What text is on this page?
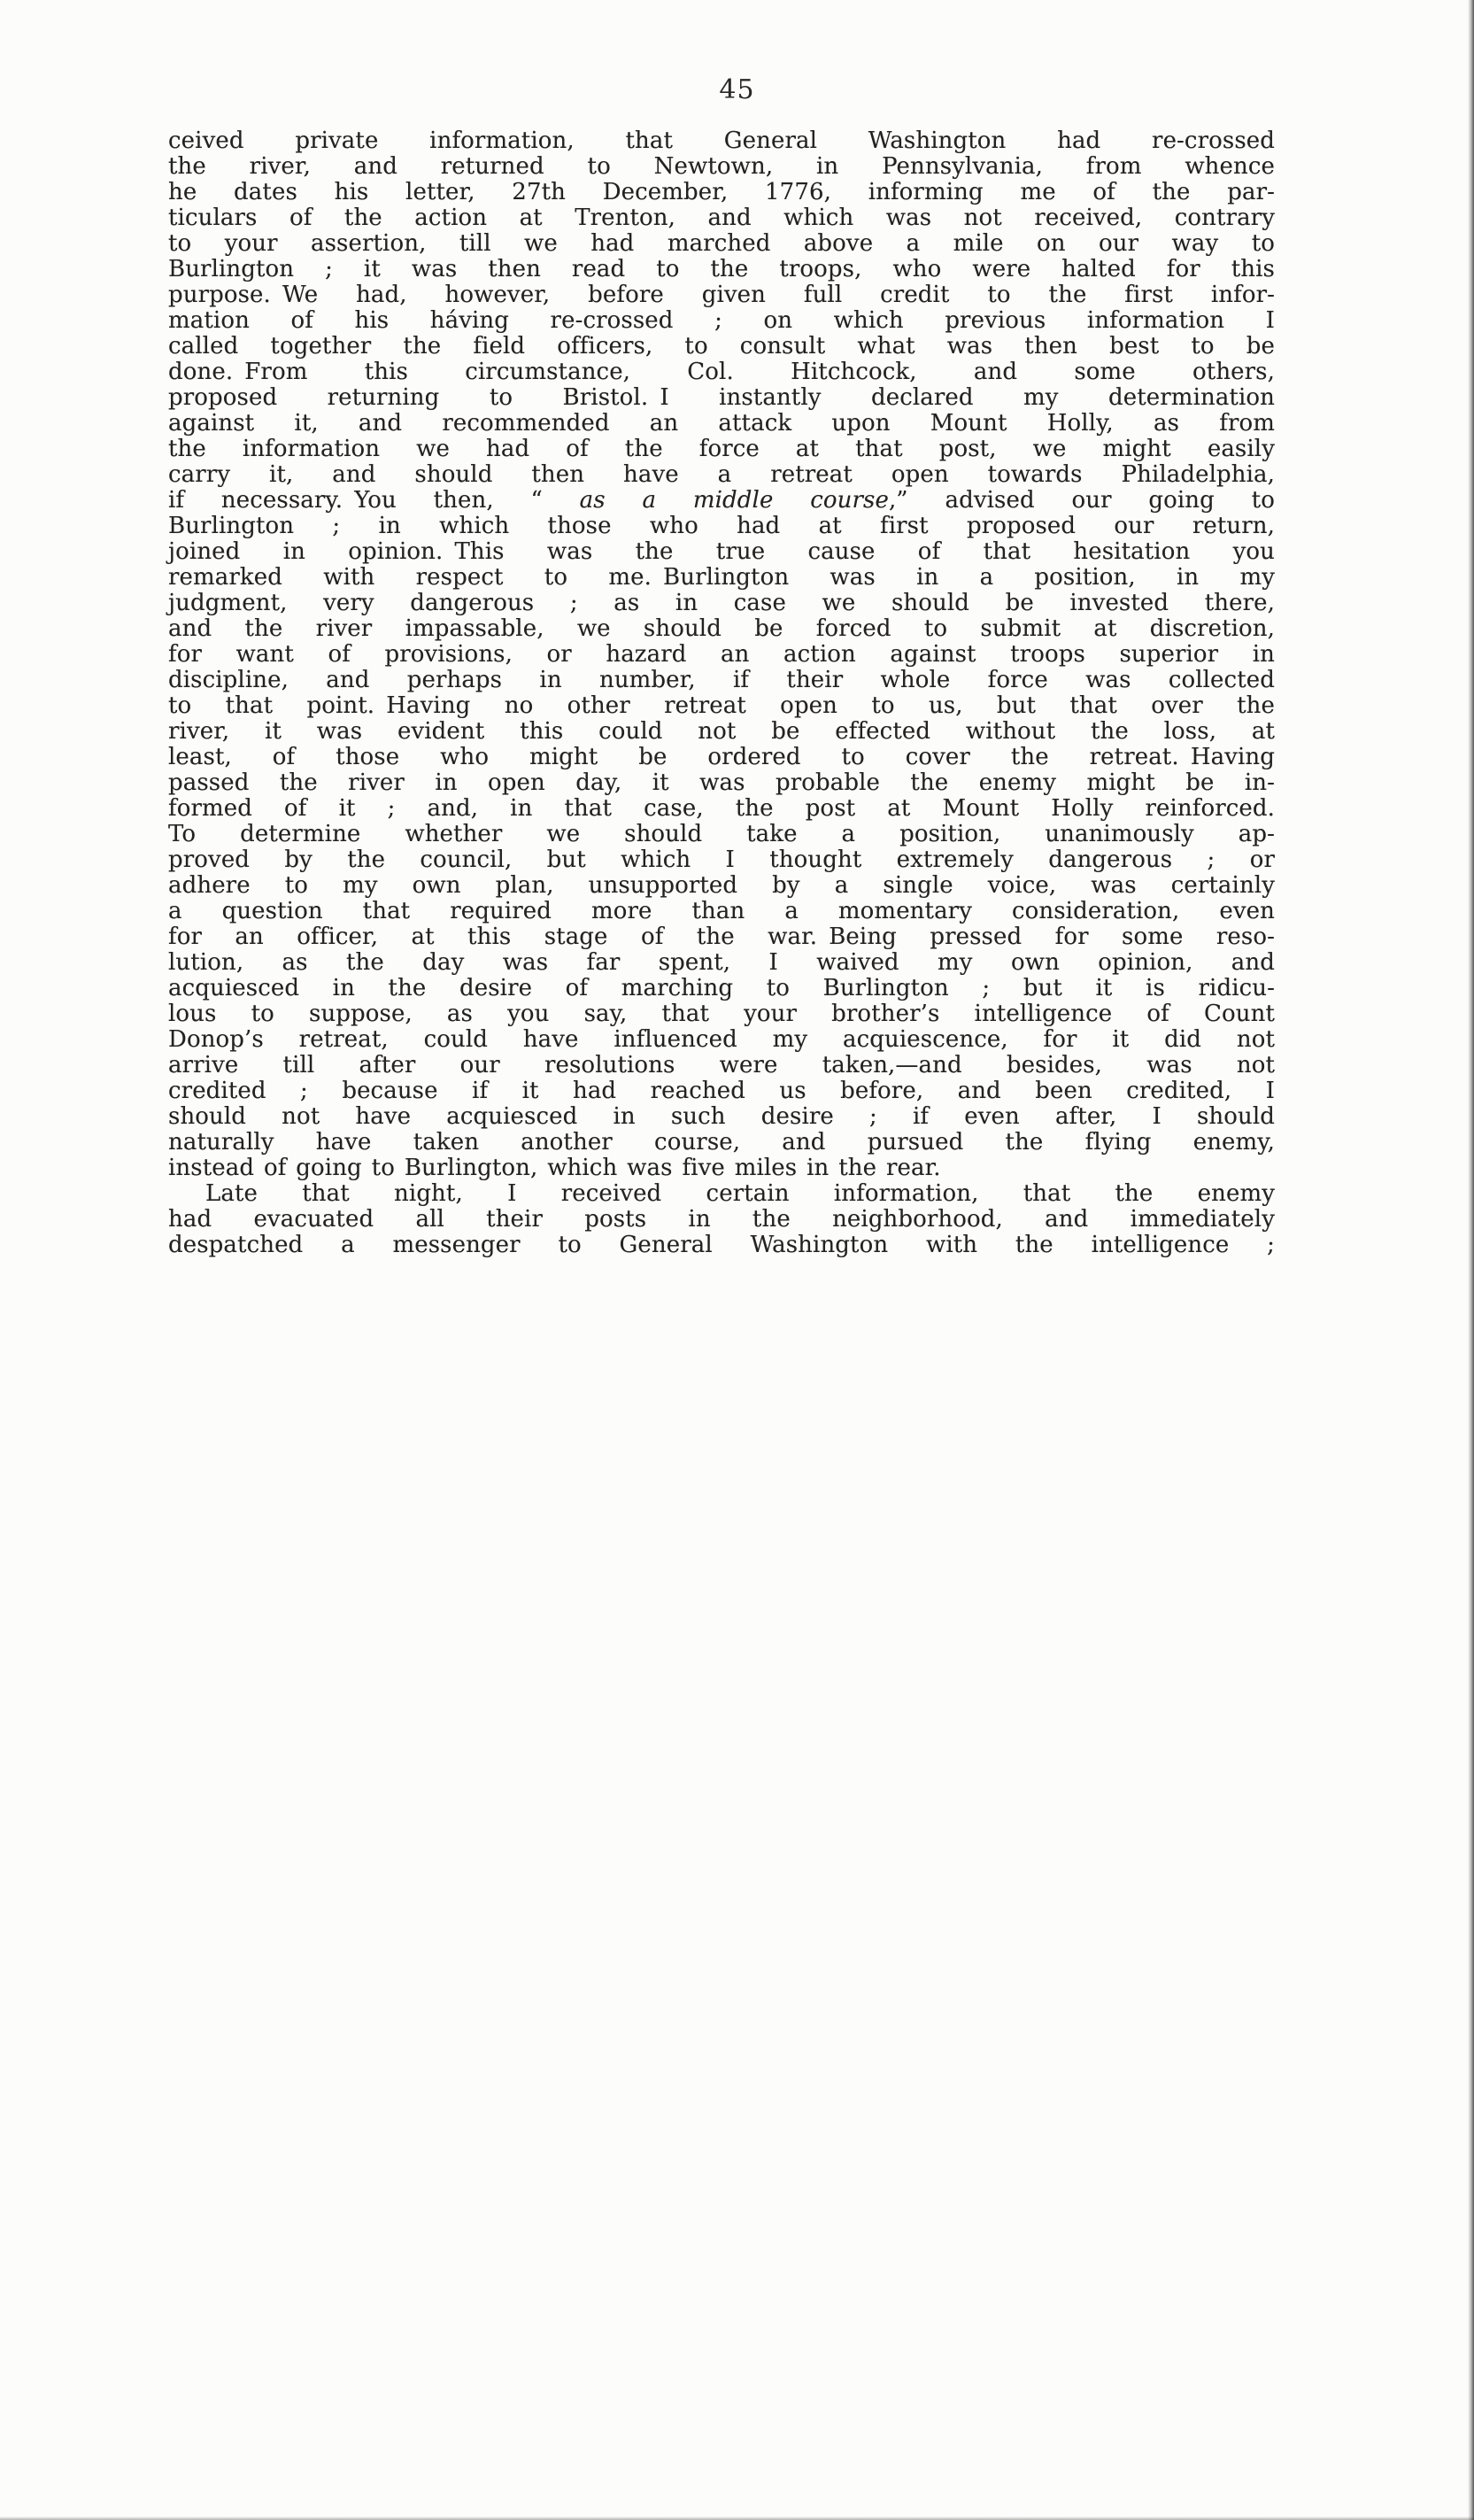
45
ceived private information, that General Washington had re-crossed
the river, and returned to Newtown, in Pennsylvania, from whence
he dates his letter, 27th December, 1776, informing me of the par-
ticulars of the action at Trenton, and which was not received, contrary
to your assertion, till we had marched above a mile on our way to
Burlington ; it was then read to the troops, who were halted for this
purpose. We had, however, before given full credit to the first infor-
mation of his háving re-crossed ; on which previous information I
called together the field officers, to consult what was then best to be
done. From this circumstance, Col. Hitchcock, and some others,
proposed returning to Bristol. I instantly declared my determination
against it, and recommended an attack upon Mount Holly, as from
the information we had of the force at that post, we might easily
carry it, and should then have a retreat open towards Philadelphia,
if necessary. You then, “ as a middle course,” advised our going to
Burlington ; in which those who had at first proposed our return,
joined in opinion. This was the true cause of that hesitation you
remarked with respect to me. Burlington was in a position, in my
judgment, very dangerous ; as in case we should be invested there,
and the river impassable, we should be forced to submit at discretion,
for want of provisions, or hazard an action against troops superior in
discipline, and perhaps in number, if their whole force was collected
to that point. Having no other retreat open to us, but that over the
river, it was evident this could not be effected without the loss, at
least, of those who might be ordered to cover the retreat. Having
passed the river in open day, it was probable the enemy might be in-
formed of it ; and, in that case, the post at Mount Holly reinforced.
To determine whether we should take a position, unanimously ap-
proved by the council, but which I thought extremely dangerous ; or
adhere to my own plan, unsupported by a single voice, was certainly
a question that required more than a momentary consideration, even
for an officer, at this stage of the war. Being pressed for some reso-
lution, as the day was far spent, I waived my own opinion, and
acquiesced in the desire of marching to Burlington ; but it is ridicu-
lous to suppose, as you say, that your brother’s intelligence of Count
Donop’s retreat, could have influenced my acquiescence, for it did not
arrive till after our resolutions were taken,—and besides, was not
credited ; because if it had reached us before, and been credited, I
should not have acquiesced in such desire ; if even after, I should
naturally have taken another course, and pursued the flying enemy,
instead of going to Burlington, which was five miles in the rear.
Late that night, I received certain information, that the enemy
had evacuated all their posts in the neighborhood, and immediately
despatched a messenger to General Washington with the intelligence ;
